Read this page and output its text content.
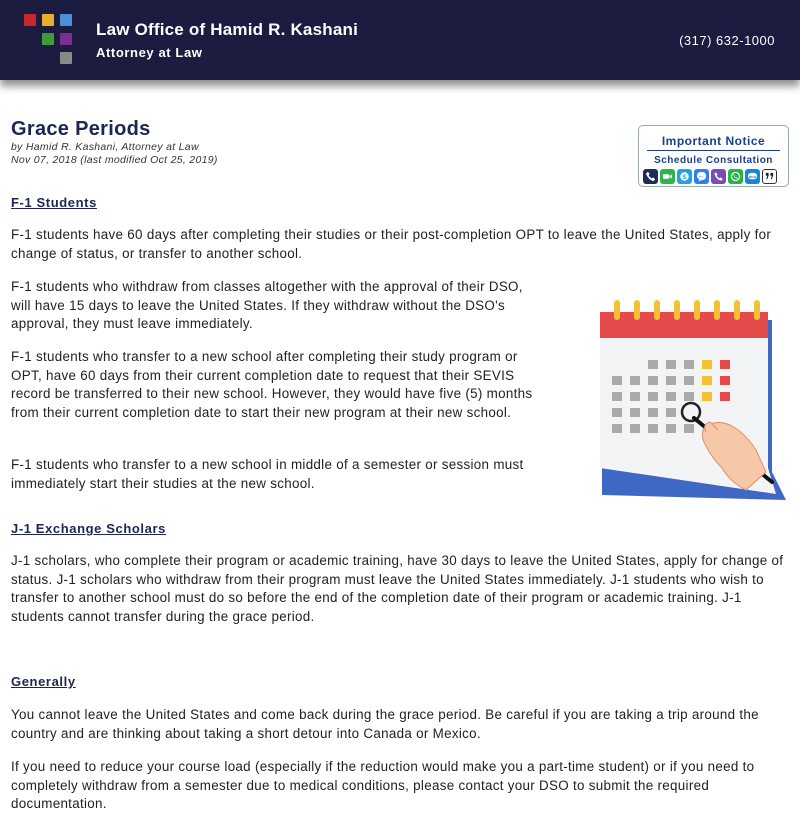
Law Office of Hamid R. Kashani
Attorney at Law
(317) 632-1000
Grace Periods
by Hamid R. Kashani, Attorney at Law
Nov 07, 2018 (last modified Oct 25, 2019)
Important Notice
Schedule Consultation
S	imo
F-1 Students
F-1 students have 60 days after completing their studies or their post-completion OPT to leave the United States, apply for change of status, or transfer to another school.
F-1 students who withdraw from classes altogether with the approval of their DSO, will have 15 days to leave the United States. If they withdraw without the DSO's approval, they must leave immediately.
F-1 students who transfer to a new school after completing their study program or OPT, have 60 days from their current completion date to request that their SEVIS record be transferred to their new school. However, they would have five (5) months from their current completion date to start their new program at their new school.
F-1 students who transfer to a new school in middle of a semester or session must immediately start their studies at the new school.
J-1 Exchange Scholars
J-1 scholars, who complete their program or academic training, have 30 days to leave the United States, apply for change of status. J-1 scholars who withdraw from their program must leave the United States immediately. J-1 students who wish to transfer to another school must do so before the end of the completion date of their program or academic training. J-1 students cannot transfer during the grace period.
Generally
You cannot leave the United States and come back during the grace period. Be careful if you are taking a trip around the country and are thinking about taking a short detour into Canada or Mexico.
If you need to reduce your course load (especially if the reduction would make you a part-time student) or if you need to completely withdraw from a semester due to medical conditions, please contact your DSO to submit the required documentation.
